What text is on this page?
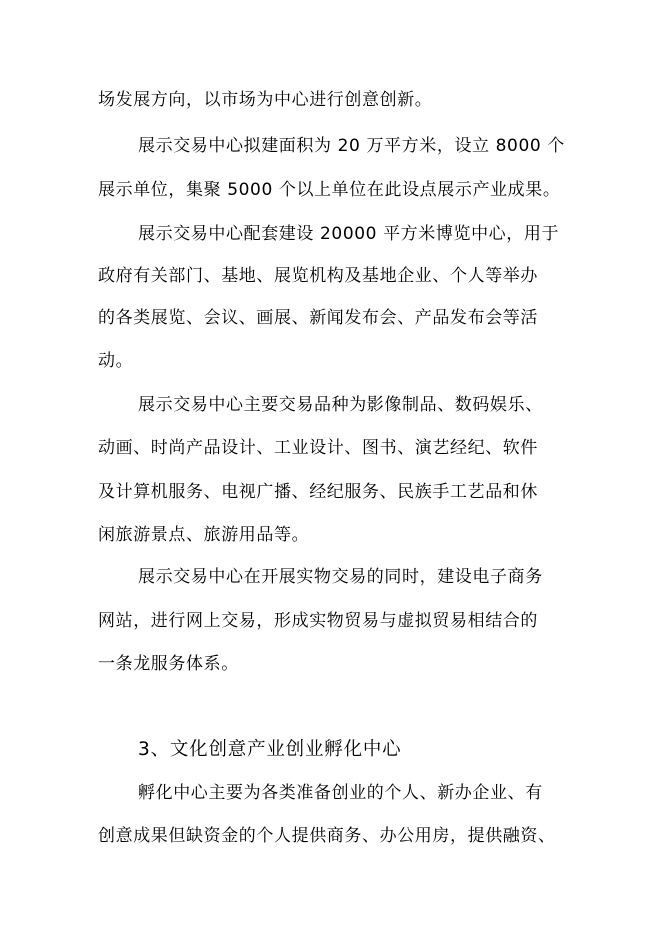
场发展方向，以市场为中心进行创意创新。
展示交易中心拟建面积为 20 万平方米，设立 8000 个
展示单位，集聚 5000 个以上单位在此设点展示产业成果。
展示交易中心配套建设 20000 平方米博览中心，用于
政府有关部门、基地、展览机构及基地企业、个人等举办
的各类展览、会议、画展、新闻发布会、产品发布会等活
动。
展示交易中心主要交易品种为影像制品、数码娱乐、
动画、时尚产品设计、工业设计、图书、演艺经纪、软件
及计算机服务、电视广播、经纪服务、民族手工艺品和休
闲旅游景点、旅游用品等。
展示交易中心在开展实物交易的同时，建设电子商务
网站，进行网上交易，形成实物贸易与虚拟贸易相结合的
一条龙服务体系。
3、文化创意产业创业孵化中心
孵化中心主要为各类准备创业的个人、新办企业、有
创意成果但缺资金的个人提供商务、办公用房，提供融资、
